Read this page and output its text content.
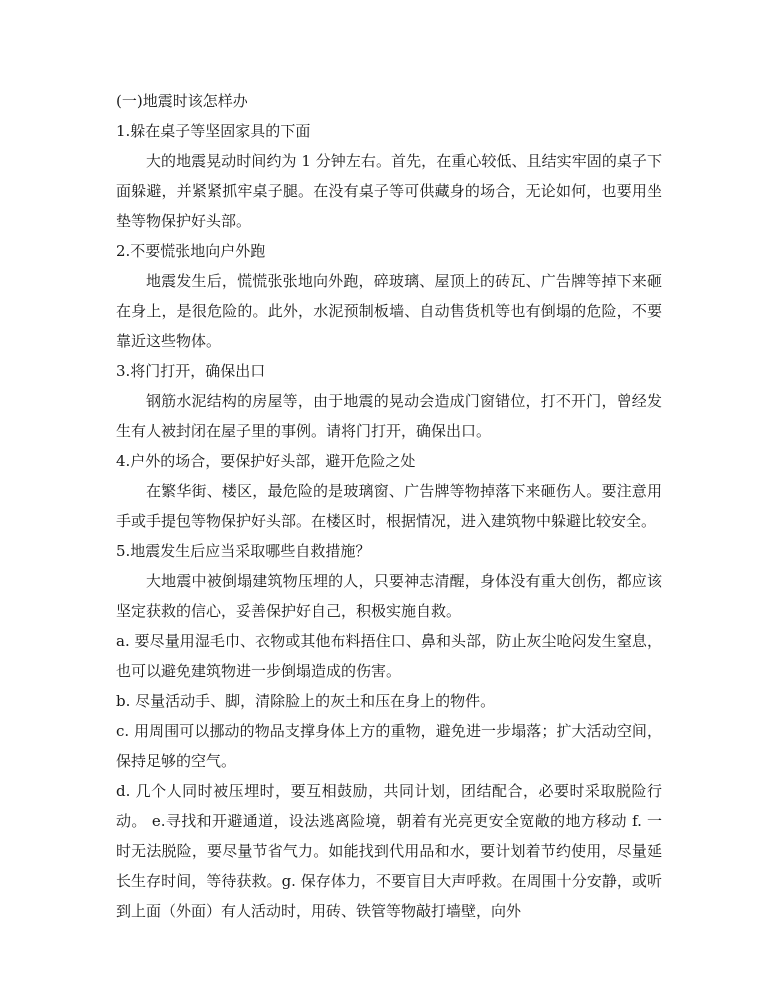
(一)地震时该怎样办

1.躲在桌子等坚固家具的下面

大的地震晃动时间约为 1 分钟左右。首先，在重心较低、且结实牢固的桌子下面躲避，并紧紧抓牢桌子腿。在没有桌子等可供藏身的场合，无论如何，也要用坐垫等物保护好头部。

2.不要慌张地向户外跑

地震发生后，慌慌张张地向外跑，碎玻璃、屋顶上的砖瓦、广告牌等掉下来砸在身上，是很危险的。此外，水泥预制板墙、自动售货机等也有倒塌的危险，不要靠近这些物体。

3.将门打开，确保出口

钢筋水泥结构的房屋等，由于地震的晃动会造成门窗错位，打不开门，曾经发生有人被封闭在屋子里的事例。请将门打开，确保出口。

4.户外的场合，要保护好头部，避开危险之处

在繁华街、楼区，最危险的是玻璃窗、广告牌等物掉落下来砸伤人。要注意用手或手提包等物保护好头部。在楼区时，根据情况，进入建筑物中躲避比较安全。

5.地震发生后应当采取哪些自救措施？

大地震中被倒塌建筑物压埋的人，只要神志清醒，身体没有重大创伤，都应该坚定获救的信心，妥善保护好自己，积极实施自救。

a. 要尽量用湿毛巾、衣物或其他布料捂住口、鼻和头部，防止灰尘呛闷发生窒息，也可以避免建筑物进一步倒塌造成的伤害。

b. 尽量活动手、脚，清除脸上的灰土和压在身上的物件。

c. 用周围可以挪动的物品支撑身体上方的重物，避免进一步塌落；扩大活动空间，保持足够的空气。

d. 几个人同时被压埋时，要互相鼓励，共同计划，团结配合，必要时采取脱险行动。 e.寻找和开避通道，设法逃离险境，朝着有光亮更安全宽敞的地方移动 f. 一时无法脱险，要尽量节省气力。如能找到代用品和水，要计划着节约使用，尽量延长生存时间，等待获救。g. 保存体力，不要盲目大声呼救。在周围十分安静，或听到上面（外面）有人活动时，用砖、铁管等物敲打墙壁，向外
